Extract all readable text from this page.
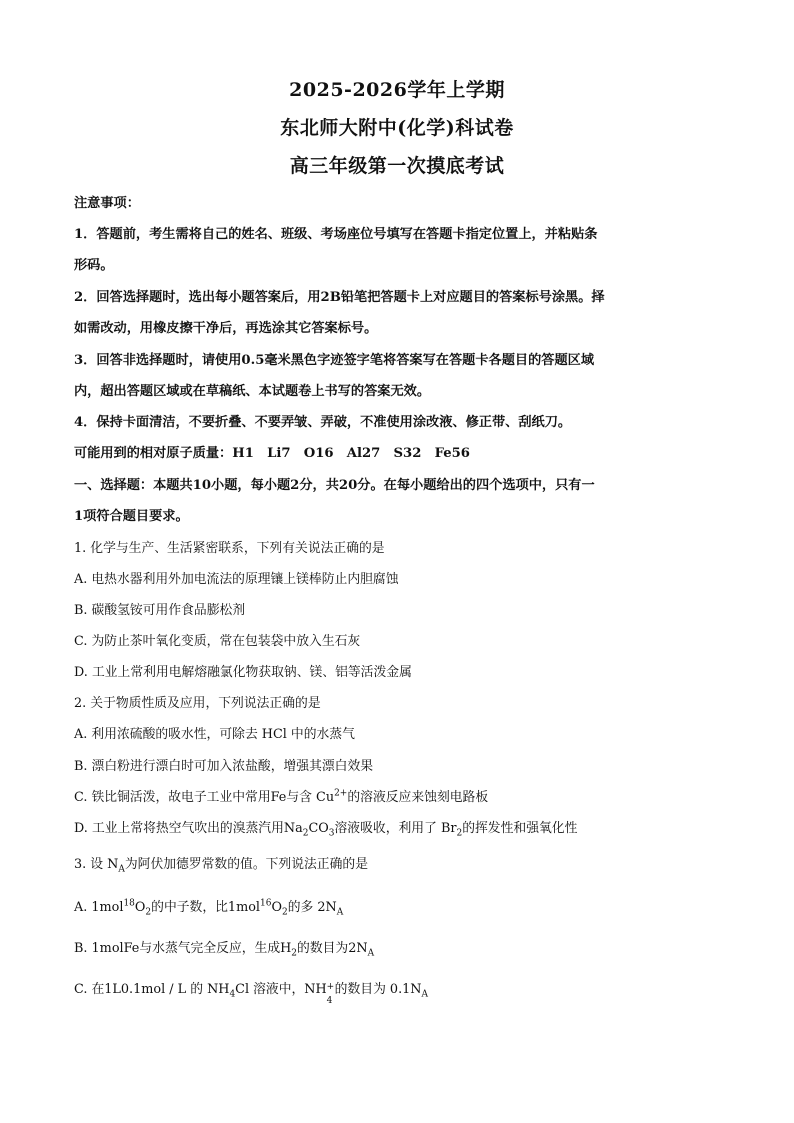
2025-2026学年上学期
东北师大附中(化学)科试卷
高三年级第一次摸底考试
注意事项：
1．答题前，考生需将自己的姓名、班级、考场座位号填写在答题卡指定位置上，并粘贴条
形码。
2．回答选择题时，选出每小题答案后，用2B铅笔把答题卡上对应题目的答案标号涂黑。择
如需改动，用橡皮擦干净后，再选涂其它答案标号。
3．回答非选择题时，请使用0.5毫米黑色字迹签字笔将答案写在答题卡各题目的答题区域
内，超出答题区域或在草稿纸、本试题卷上书写的答案无效。
4．保持卡面清洁，不要折叠、不要弄皱、弄破，不准使用涂改液、修正带、刮纸刀。
可能用到的相对原子质量：H1　Li7　O16　Al27　S32　Fe56
一、选择题：本题共10小题，每小题2分，共20分。在每小题给出的四个选项中，只有一
1项符合题目要求。
1. 化学与生产、生活紧密联系，下列有关说法正确的是
A. 电热水器利用外加电流法的原理镶上镁棒防止内胆腐蚀
B. 碳酸氢铵可用作食品膨松剂
C. 为防止茶叶氧化变质，常在包装袋中放入生石灰
D. 工业上常利用电解熔融氯化物获取钠、镁、铝等活泼金属
2. 关于物质性质及应用，下列说法正确的是
A. 利用浓硫酸的吸水性，可除去 HCl 中的水蒸气
B. 漂白粉进行漂白时可加入浓盐酸，增强其漂白效果
C. 铁比铜活泼，故电子工业中常用Fe与含 $Cu^{2+}$的溶液反应来蚀刻电路板
D. 工业上常将热空气吹出的溴蒸汽用$Na_2CO_3$溶液吸收，利用了 $Br_2$的挥发性和强氧化性
3. 设 $N_A$为阿伏加德罗常数的值。下列说法正确的是
A. $1mol^{18}O_2$的中子数，比$1mol^{16}O_2$的多 $2N_A$
B. 1molFe与水蒸气完全反应，生成$H_2$的数目为$2N_A$
C. 在1L0.1mol / L 的 $NH_4Cl$ 溶液中，NH +
4
的数目为 $0.1N_A$
